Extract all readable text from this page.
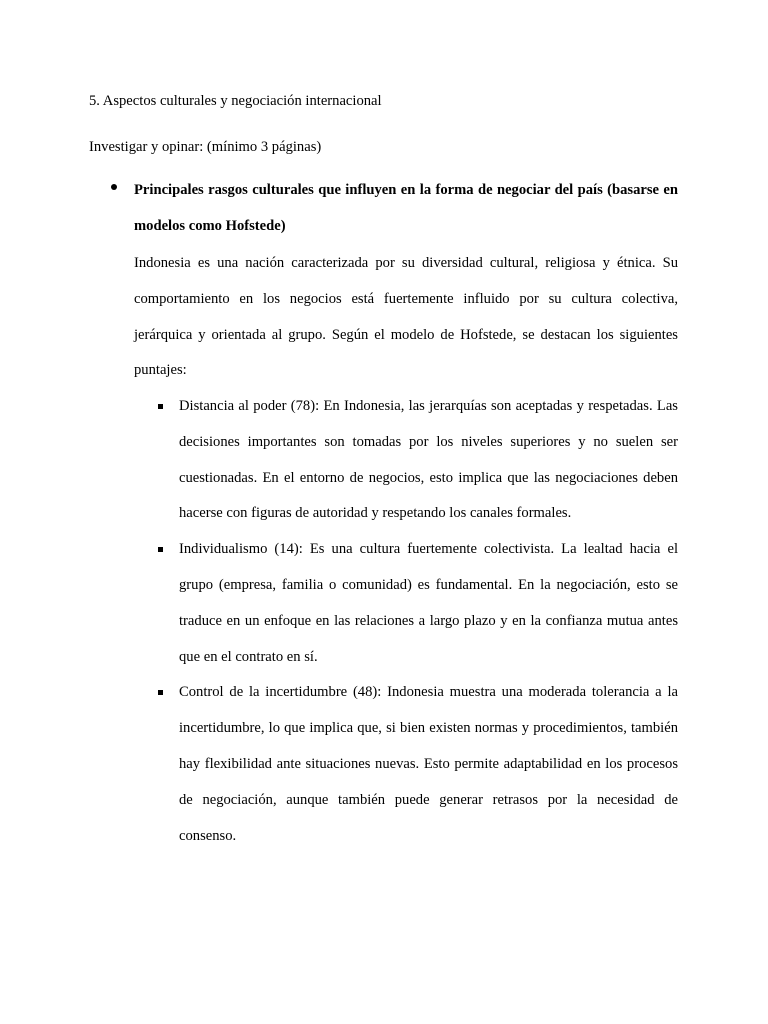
5. Aspectos culturales y negociación internacional
Investigar y opinar: (mínimo 3 páginas)

Principales rasgos culturales que influyen en la forma de negociar del país (basarse en modelos como Hofstede)

Indonesia es una nación caracterizada por su diversidad cultural, religiosa y étnica. Su comportamiento en los negocios está fuertemente influido por su cultura colectiva, jerárquica y orientada al grupo. Según el modelo de Hofstede, se destacan los siguientes puntajes:

Distancia al poder (78): En Indonesia, las jerarquías son aceptadas y respetadas. Las decisiones importantes son tomadas por los niveles superiores y no suelen ser cuestionadas. En el entorno de negocios, esto implica que las negociaciones deben hacerse con figuras de autoridad y respetando los canales formales.
Individualismo (14): Es una cultura fuertemente colectivista. La lealtad hacia el grupo (empresa, familia o comunidad) es fundamental. En la negociación, esto se traduce en un enfoque en las relaciones a largo plazo y en la confianza mutua antes que en el contrato en sí.
Control de la incertidumbre (48): Indonesia muestra una moderada tolerancia a la incertidumbre, lo que implica que, si bien existen normas y procedimientos, también hay flexibilidad ante situaciones nuevas. Esto permite adaptabilidad en los procesos de negociación, aunque también puede generar retrasos por la necesidad de consenso.
